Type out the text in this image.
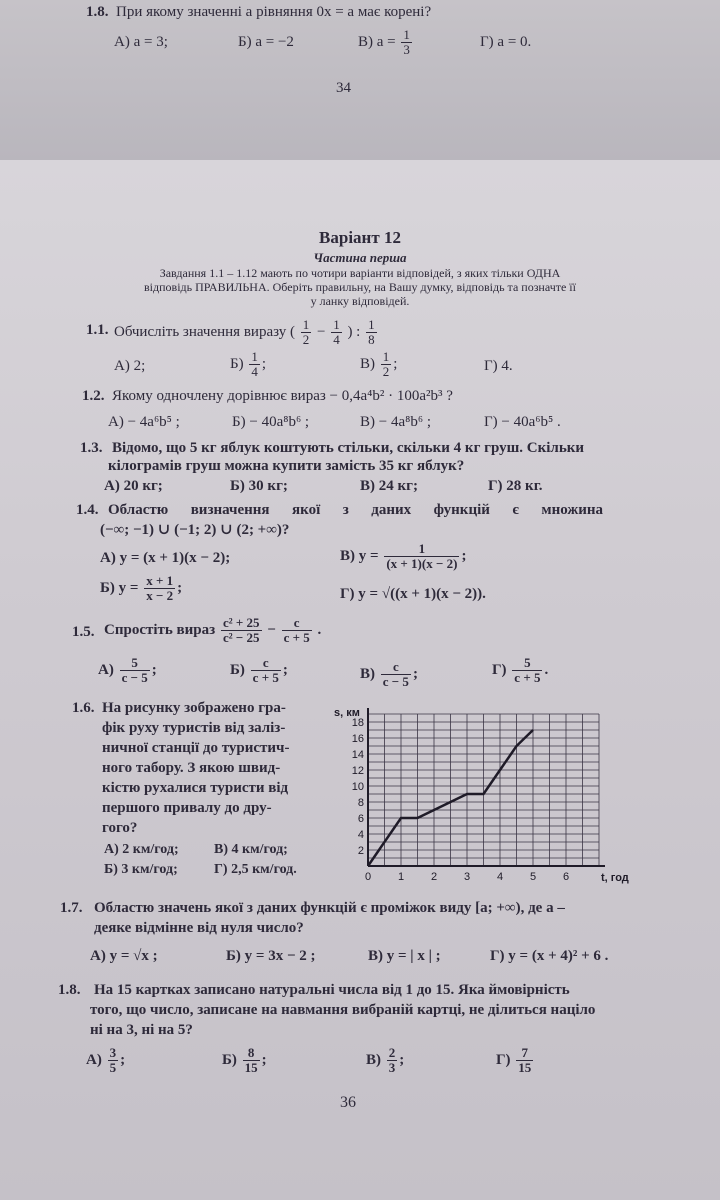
1.8. При якому значенні a рівняння 0x = a має корені?
А) a = 3;	Б) a = −2	В) $a = \frac{1}{3}$	Г) a = 0.
34
Варіант 12
Частина перша
Завдання 1.1 – 1.12 мають по чотири варіанти відповідей, з яких тільки ОДНА
відповідь ПРАВИЛЬНА. Оберіть правильну, на Вашу думку, відповідь та позначте її
у ланку відповідей.
1.1. Обчисліть значення виразу ( $\frac{1}{2} - \frac{1}{4}$ ) : $\frac{1}{8}$
А) 2;	$Б) \frac{1}{4}$ ;	$В) \frac{1}{2}$ ;	Г) 4.
1.2. Якому одночлену дорівнює вираз − 0,4a⁴b² · 100a²b³ ?
А) − 4a⁶b⁵ ;	Б) − 40a⁸b⁶ ;	В) − 4a⁸b⁶ ;	Г) − 40a⁶b⁵ .
1.3. Відомо, що 5 кг яблук коштують стільки, скільки 4 кг груш. Скільки
кілограмів груш можна купити замість 35 кг яблук?
А) 20 кг;	Б) 30 кг;	В) 24 кг;	Г) 28 кг.
1.4. Областю      визначення      якої      з      даних      функцій      є      множина
(−∞; −1) ∪ (−1; 2) ∪ (2; +∞)?
А) y = (x + 1)(x − 2);	В) $y = \frac{1}{(x + 1)(x - 2)}$ ;
Б) $y = \frac{x + 1}{x - 2}$ ;	Г) y = √((x + 1)(x − 2)).
1.5. Спростіть вираз $\frac{\text{c² + 25}}{\text{c² − 25}} - \frac{c}{c + 5}$ .
$А) \frac{5}{c - 5}$ ;	$Б) \frac{c}{c + 5}$ ;	$В) \frac{c}{c - 5}$ ;	$Г) \frac{5}{c + 5}$ .
1.6. На рисунку зображено гра-
фік руху туристів від заліз-
ничної станції до туристич-
ного табору. З якою швид-
кістю рухалися туристи від
першого привалу до дру-
гого?
А) 2 км/год;	В) 4 км/год;
Б) 3 км/год;	Г) 2,5 км/год.	0 1 2 3 4 5 6
2
4
6
8
10
12
14
16
18
t, год
s, км
1.7. Областю значень якої з даних функцій є проміжок виду [a; +∞), де a –
деяке відмінне від нуля число?
А) y = √x ;	Б) y = 3x − 2 ;	В) y = | x | ;	Г) y = (x + 4)² + 6 .
1.8. На 15 картках записано натуральні числа від 1 до 15. Яка ймовірність
того, що число, записане на навмання вибраній картці, не ділиться націло
ні на 3, ні на 5?
$А) \frac{3}{5}$ ;	$Б) \frac{8}{15}$ ;	$В) \frac{2}{3}$ ;	$Г) \frac{7}{15}$
36
